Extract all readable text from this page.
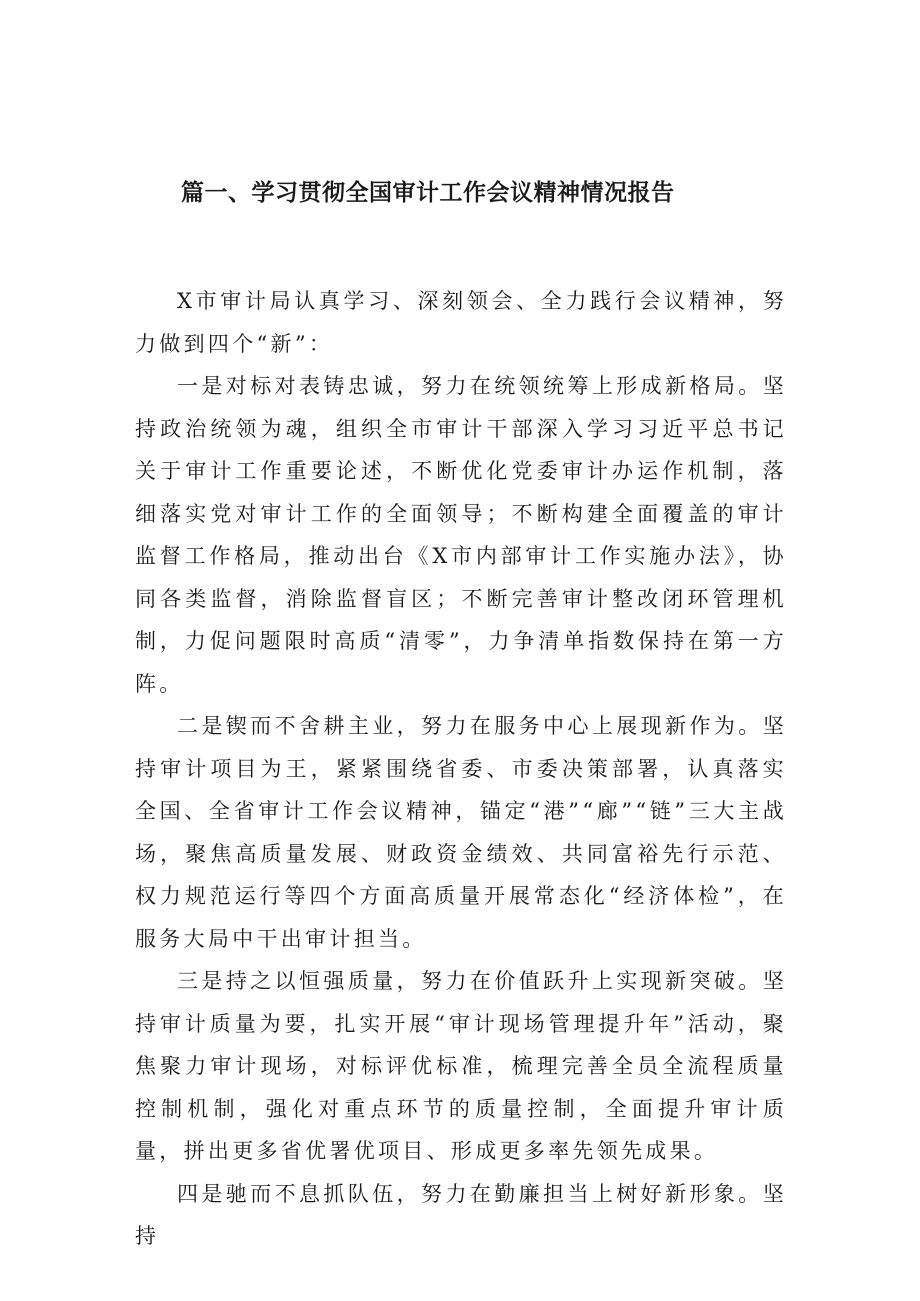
篇一、学习贯彻全国审计工作会议精神情况报告

X市审计局认真学习、深刻领会、全力践行会议精神，努力做到四个“新”：

一是对标对表铸忠诚，努力在统领统筹上形成新格局。坚持政治统领为魂，组织全市审计干部深入学习习近平总书记关于审计工作重要论述，不断优化党委审计办运作机制，落细落实党对审计工作的全面领导；不断构建全面覆盖的审计监督工作格局，推动出台《X市内部审计工作实施办法》，协同各类监督，消除监督盲区；不断完善审计整改闭环管理机制，力促问题限时高质“清零”，力争清单指数保持在第一方阵。

二是锲而不舍耕主业，努力在服务中心上展现新作为。坚持审计项目为王，紧紧围绕省委、市委决策部署，认真落实全国、全省审计工作会议精神，锚定“港”“廊”“链”三大主战场，聚焦高质量发展、财政资金绩效、共同富裕先行示范、权力规范运行等四个方面高质量开展常态化“经济体检”，在服务大局中干出审计担当。

三是持之以恒强质量，努力在价值跃升上实现新突破。坚持审计质量为要，扎实开展“审计现场管理提升年”活动，聚焦聚力审计现场，对标评优标准，梳理完善全员全流程质量控制机制，强化对重点环节的质量控制，全面提升审计质量，拼出更多省优署优项目、形成更多率先领先成果。

四是驰而不息抓队伍，努力在勤廉担当上树好新形象。坚持
